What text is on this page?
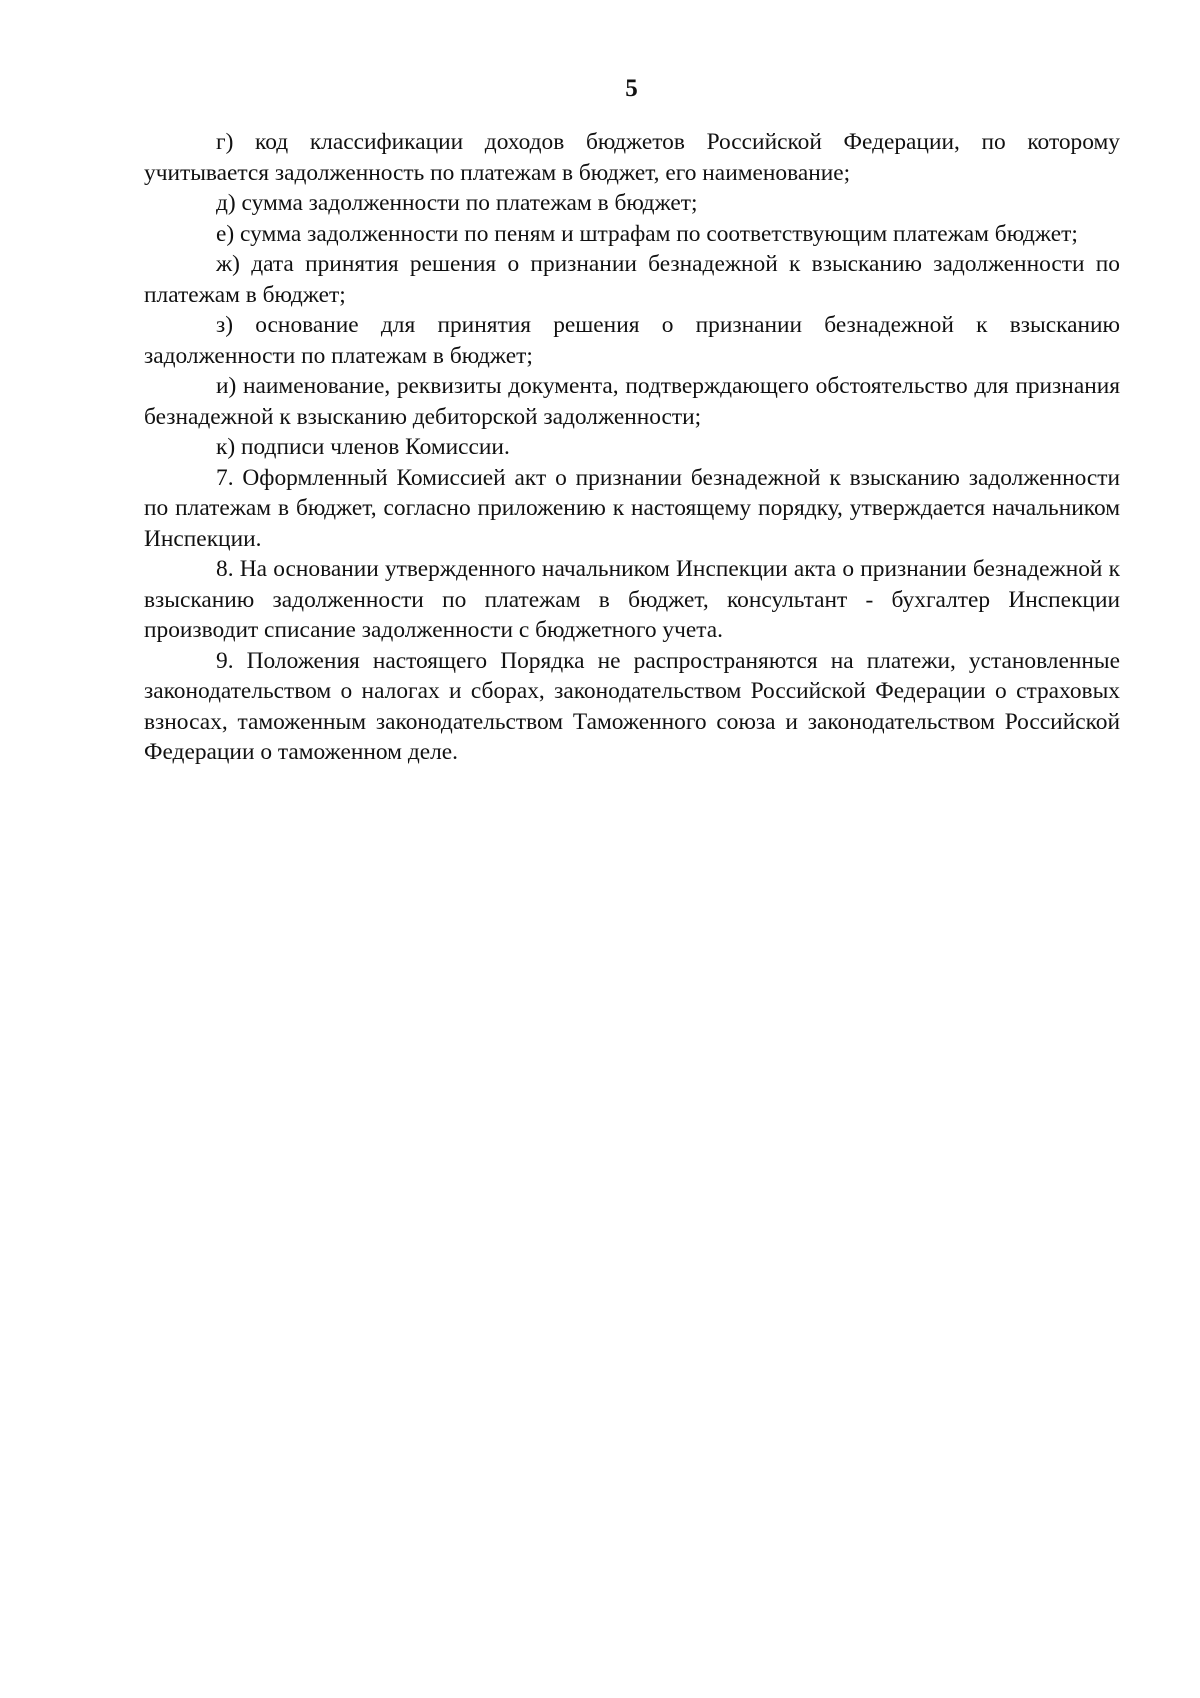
5

г) код классификации доходов бюджетов Российской Федерации, по которому учитывается задолженность по платежам в бюджет, его наименование;

д) сумма задолженности по платежам в бюджет;

е) сумма задолженности по пеням и штрафам по соответствующим платежам бюджет;

ж) дата принятия решения о признании безнадежной к взысканию задолженности по платежам в бюджет;

з) основание для принятия решения о признании безнадежной к взысканию задолженности по платежам в бюджет;

и) наименование, реквизиты документа, подтверждающего обстоятельство для признания безнадежной к взысканию дебиторской задолженности;

к) подписи членов Комиссии.

7. Оформленный Комиссией акт о признании безнадежной к взысканию задолженности по платежам в бюджет, согласно приложению к настоящему порядку, утверждается начальником Инспекции.

8. На основании утвержденного начальником Инспекции акта о признании безнадежной к взысканию задолженности по платежам в бюджет, консультант - бухгалтер Инспекции производит списание задолженности с бюджетного учета.

9. Положения настоящего Порядка не распространяются на платежи, установленные законодательством о налогах и сборах, законодательством Российской Федерации о страховых взносах, таможенным законодательством Таможенного союза и законодательством Российской Федерации о таможенном деле.
